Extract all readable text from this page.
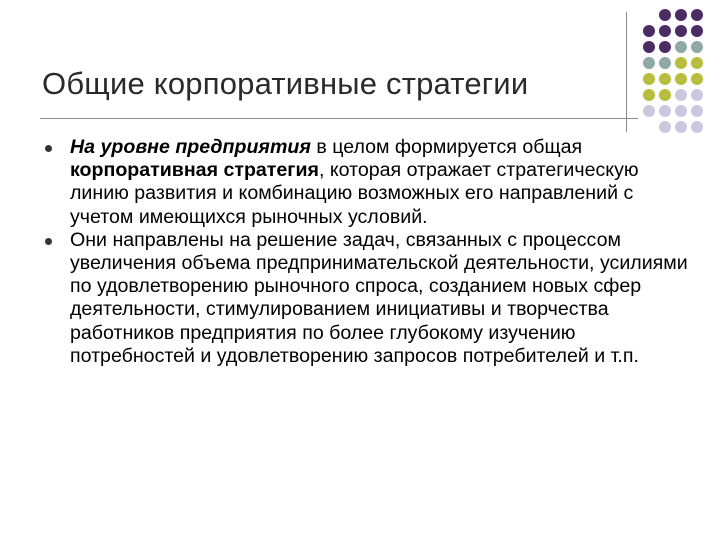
Общие корпоративные стратегии
На уровне предприятия в целом формируется общая корпоративная стратегия, которая отражает стратегическую линию развития и комбинацию возможных его направлений с учетом имеющихся рыночных условий.
Они направлены на решение задач, связанных с процессом увеличения объема предпринимательской деятельности, усилиями по удовлетворению рыночного спроса, созданием новых сфер деятельности, стимулированием инициативы и творчества работников предприятия по более глубокому изучению потребностей и удовлетворению запросов потребителей и т.п.
